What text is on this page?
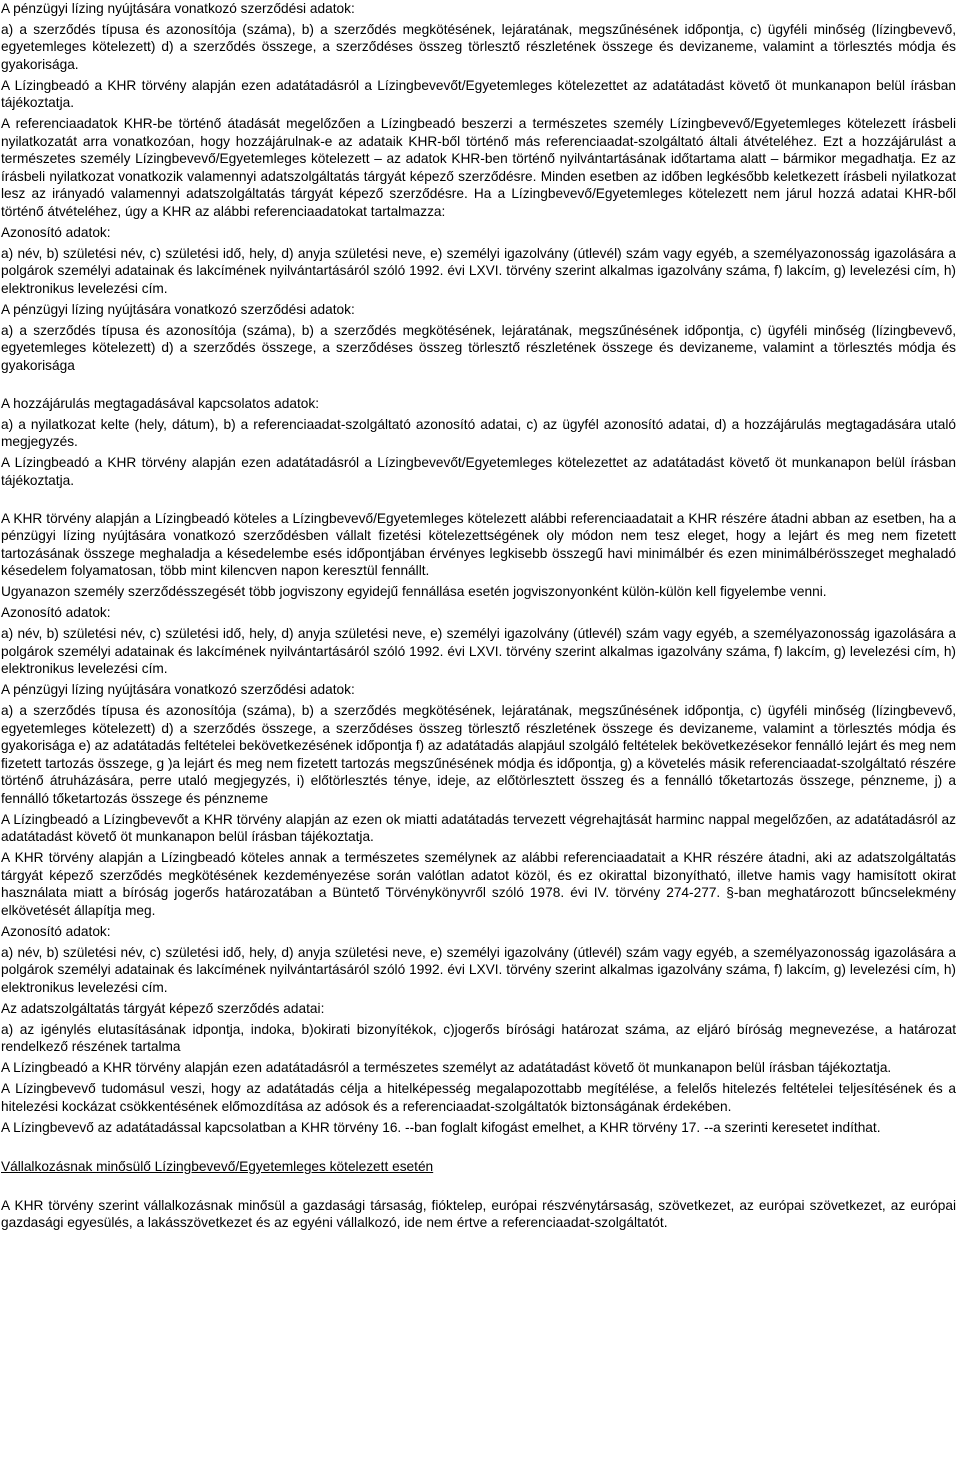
A pénzügyi lízing nyújtására vonatkozó szerződési adatok:
a) a szerződés típusa és azonosítója (száma), b) a szerződés megkötésének, lejáratának, megszűnésének időpontja, c) ügyféli minőség (lízingbevevő, egyetemleges kötelezett) d) a szerződés összege, a szerződéses összeg törlesztő részletének összege és devizaneme, valamint a törlesztés módja és gyakorisága.
A Lízingbeadó a KHR törvény alapján ezen adatátadásról a Lízingbevevőt/Egyetemleges kötelezettet az adatátadást követő öt munkanapon belül írásban tájékoztatja.
A referenciaadatok KHR-be történő átadását megelőzően a Lízingbeadó beszerzi a természetes személy Lízingbevevő/Egyetemleges kötelezett írásbeli nyilatkozatát arra vonatkozóan, hogy hozzájárulnak-e az adataik KHR-ből történő más referenciaadat-szolgáltató általi átvételéhez. Ezt a hozzájárulást a természetes személy Lízingbevevő/Egyetemleges kötelezett – az adatok KHR-ben történő nyilvántartásának időtartama alatt – bármikor megadhatja. Ez az írásbeli nyilatkozat vonatkozik valamennyi adatszolgáltatás tárgyát képező szerződésre. Minden esetben az időben legkésőbb keletkezett írásbeli nyilatkozat lesz az irányadó valamennyi adatszolgáltatás tárgyát képező szerződésre. Ha a Lízingbevevő/Egyetemleges kötelezett nem járul hozzá adatai KHR-ből történő átvételéhez, úgy a KHR az alábbi referenciaadatokat tartalmazza:
Azonosító adatok:
a) név, b) születési név, c) születési idő, hely, d) anyja születési neve, e) személyi igazolvány (útlevél) szám vagy egyéb, a személyazonosság igazolására a polgárok személyi adatainak és lakcímének nyilvántartásáról szóló 1992. évi LXVI. törvény szerint alkalmas igazolvány száma, f) lakcím, g) levelezési cím, h) elektronikus levelezési cím.
A pénzügyi lízing nyújtására vonatkozó szerződési adatok:
a) a szerződés típusa és azonosítója (száma), b) a szerződés megkötésének, lejáratának, megszűnésének időpontja, c) ügyféli minőség (lízingbevevő, egyetemleges kötelezett) d) a szerződés összege, a szerződéses összeg törlesztő részletének összege és devizaneme, valamint a törlesztés módja és gyakorisága
A hozzájárulás megtagadásával kapcsolatos adatok:
a) a nyilatkozat kelte (hely, dátum), b) a referenciaadat-szolgáltató azonosító adatai, c) az ügyfél azonosító adatai, d) a hozzájárulás megtagadására utaló megjegyzés.
A Lízingbeadó a KHR törvény alapján ezen adatátadásról a Lízingbevevőt/Egyetemleges kötelezettet az adatátadást követő öt munkanapon belül írásban tájékoztatja.
A KHR törvény alapján a Lízingbeadó köteles a Lízingbevevő/Egyetemleges kötelezett alábbi referenciaadatait a KHR részére átadni abban az esetben, ha a pénzügyi lízing nyújtására vonatkozó szerződésben vállalt fizetési kötelezettségének oly módon nem tesz eleget, hogy a lejárt és meg nem fizetett tartozásának összege meghaladja a késedelembe esés időpontjában érvényes legkisebb összegű havi minimálbér és ezen minimálbérösszeget meghaladó késedelem folyamatosan, több mint kilencven napon keresztül fennállt.
Ugyanazon személy szerződésszegését több jogviszony egyidejű fennállása esetén jogviszonyonként külön-külön kell figyelembe venni.
Azonosító adatok:
a) név, b) születési név, c) születési idő, hely, d) anyja születési neve, e) személyi igazolvány (útlevél) szám vagy egyéb, a személyazonosság igazolására a polgárok személyi adatainak és lakcímének nyilvántartásáról szóló 1992. évi LXVI. törvény szerint alkalmas igazolvány száma, f) lakcím, g) levelezési cím, h) elektronikus levelezési cím.
A pénzügyi lízing nyújtására vonatkozó szerződési adatok:
a) a szerződés típusa és azonosítója (száma), b) a szerződés megkötésének, lejáratának, megszűnésének időpontja, c) ügyféli minőség (lízingbevevő, egyetemleges kötelezett) d) a szerződés összege, a szerződéses összeg törlesztő részletének összege és devizaneme, valamint a törlesztés módja és gyakorisága e) az adatátadás feltételei bekövetkezésének időpontja f) az adatátadás alapjául szolgáló feltételek bekövetkezésekor fennálló lejárt és meg nem fizetett tartozás összege, g )a lejárt és meg nem fizetett tartozás megszűnésének módja és időpontja, g) a követelés másik referenciaadat-szolgáltató részére történő átruházására, perre utaló megjegyzés, i) előtörlesztés ténye, ideje, az előtörlesztett összeg és a fennálló tőketartozás összege, pénzneme, j) a fennálló tőketartozás összege és pénzneme
A Lízingbeadó a Lízingbevevőt a KHR törvény alapján az ezen ok miatti adatátadás tervezett végrehajtását harminc nappal megelőzően, az adatátadásról az adatátadást követő öt munkanapon belül írásban tájékoztatja.
A KHR törvény alapján a Lízingbeadó köteles annak a természetes személynek az alábbi referenciaadatait a KHR részére átadni, aki az adatszolgáltatás tárgyát képező szerződés megkötésének kezdeményezése során valótlan adatot közöl, és ez okirattal bizonyítható, illetve hamis vagy hamisított okirat használata miatt a bíróság jogerős határozatában a Büntető Törvénykönyvről szóló 1978. évi IV. törvény 274-277. §-ban meghatározott bűncselekmény elkövetését állapítja meg.
Azonosító adatok:
a) név, b) születési név, c) születési idő, hely, d) anyja születési neve, e) személyi igazolvány (útlevél) szám vagy egyéb, a személyazonosság igazolására a polgárok személyi adatainak és lakcímének nyilvántartásáról szóló 1992. évi LXVI. törvény szerint alkalmas igazolvány száma, f) lakcím, g) levelezési cím, h) elektronikus levelezési cím.
Az adatszolgáltatás tárgyát képező szerződés adatai:
a) az igénylés elutasításának idpontja, indoka, b)okirati bizonyítékok, c)jogerős bírósági határozat száma, az eljáró bíróság megnevezése, a határozat rendelkező részének tartalma
A Lízingbeadó a KHR törvény alapján ezen adatátadásról a természetes személyt az adatátadást követő öt munkanapon belül írásban tájékoztatja.
A Lízingbevevő tudomásul veszi, hogy az adatátadás célja a hitelképesség megalapozottabb megítélése, a felelős hitelezés feltételei teljesítésének és a hitelezési kockázat csökkentésének előmozdítása az adósok és a referenciaadat-szolgáltatók biztonságának érdekében.
A Lízingbevevő az adatátadással kapcsolatban a KHR törvény 16. --ban foglalt kifogást emelhet, a KHR törvény 17. --a szerinti keresetet indíthat.
Vállalkozásnak minősülő Lízingbevevő/Egyetemleges kötelezett esetén
A KHR törvény szerint vállalkozásnak minősül a gazdasági társaság, fióktelep, európai részvénytársaság, szövetkezet, az európai szövetkezet, az európai gazdasági egyesülés, a lakásszövetkezet és az egyéni vállalkozó, ide nem értve a referenciaadat-szolgáltatót.
